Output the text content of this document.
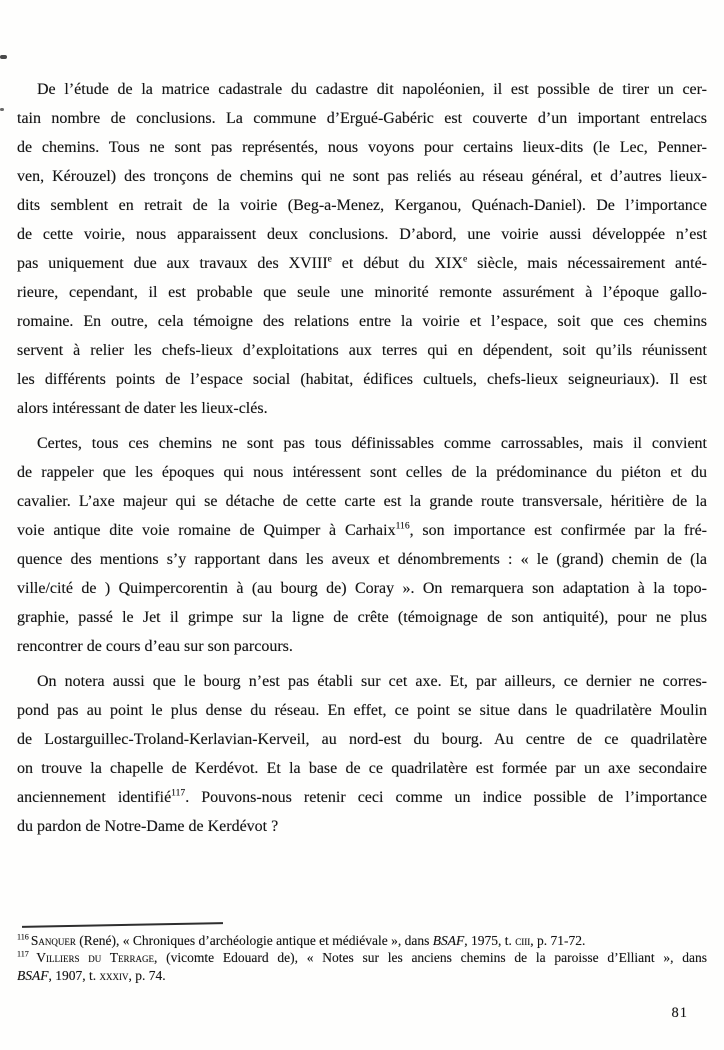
De l’étude de la matrice cadastrale du cadastre dit napoléonien, il est possible de tirer un cer-
tain nombre de conclusions. La commune d’Ergué-Gabéric est couverte d’un important entrelacs
de chemins. Tous ne sont pas représentés, nous voyons pour certains lieux-dits (le Lec, Penner-
ven, Kérouzel) des tronçons de chemins qui ne sont pas reliés au réseau général, et d’autres lieux-
dits semblent en retrait de la voirie (Beg-a-Menez, Kerganou, Quénach-Daniel). De l’importance
de cette voirie, nous apparaissent deux conclusions. D’abord, une voirie aussi développée n’est
pas uniquement due aux travaux des XVIIIe et début du XIXe siècle, mais nécessairement anté-
rieure, cependant, il est probable que seule une minorité remonte assurément à l’époque gallo-
romaine. En outre, cela témoigne des relations entre la voirie et l’espace, soit que ces chemins
servent à relier les chefs-lieux d’exploitations aux terres qui en dépendent, soit qu’ils réunissent
les différents points de l’espace social (habitat, édifices cultuels, chefs-lieux seigneuriaux). Il est
alors intéressant de dater les lieux-clés.
Certes, tous ces chemins ne sont pas tous définissables comme carrossables, mais il convient
de rappeler que les époques qui nous intéressent sont celles de la prédominance du piéton et du
cavalier. L’axe majeur qui se détache de cette carte est la grande route transversale, héritière de la
voie antique dite voie romaine de Quimper à Carhaix$^{116}$, son importance est confirmée par la fré-
quence des mentions s’y rapportant dans les aveux et dénombrements : « le (grand) chemin de (la
ville/cité de ) Quimpercorentin à (au bourg de) Coray ». On remarquera son adaptation à la topo-
graphie, passé le Jet il grimpe sur la ligne de crête (témoignage de son antiquité), pour ne plus
rencontrer de cours d’eau sur son parcours.
On notera aussi que le bourg n’est pas établi sur cet axe. Et, par ailleurs, ce dernier ne corres-
pond pas au point le plus dense du réseau. En effet, ce point se situe dans le quadrilatère Moulin
de Lostarguillec-Troland-Kerlavian-Kerveil, au nord-est du bourg. Au centre de ce quadrilatère
on trouve la chapelle de Kerdévot. Et la base de ce quadrilatère est formée par un axe secondaire
anciennement identifié$^{117}$. Pouvons-nous retenir ceci comme un indice possible de l’importance
du pardon de Notre-Dame de Kerdévot ?
$^{116}$ Sanquer (René), « Chroniques d’archéologie antique et médiévale », dans BSAF, 1975, t. ciii, p. 71-72.
$^{117}$ Villiers du Terrage, (vicomte Edouard de), « Notes sur les anciens chemins de la paroisse d’Elliant », dans
BSAF, 1907, t. xxxiv, p. 74.
81
